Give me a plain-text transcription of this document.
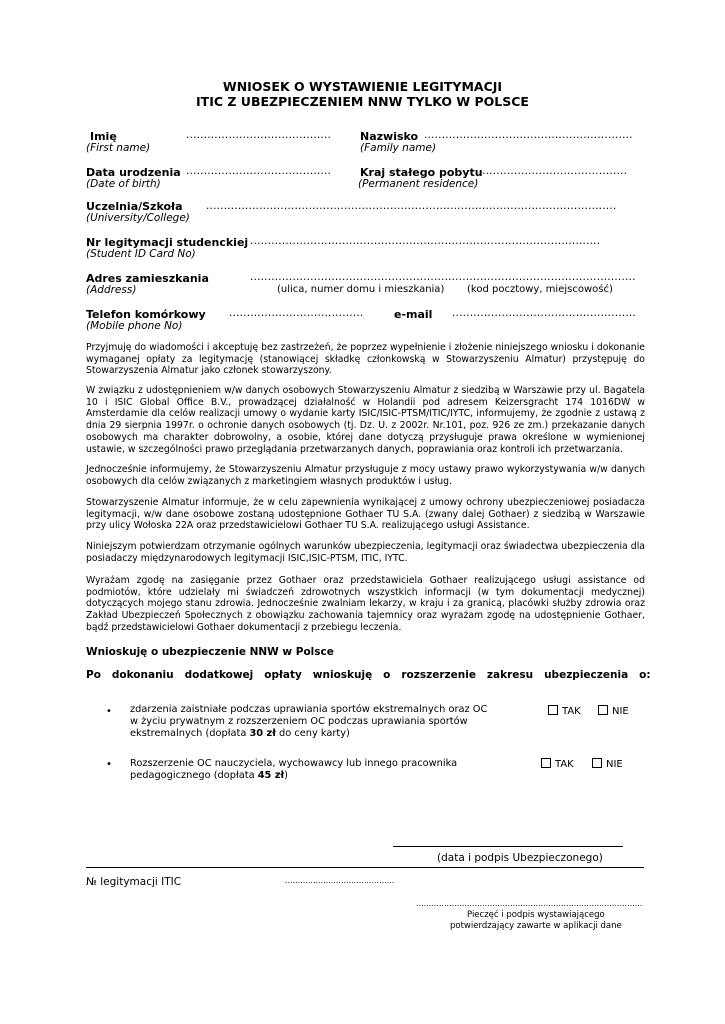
WNIOSEK O WYSTAWIENIE LEGITYMACJI
ITIC Z UBEZPIECZENIEM NNW TYLKO W POLSCE
Imię	.........................................
(First name)
Nazwisko ...........................................................
(Family name)
Data urodzenia .........................................
(Date of birth)
Kraj stałego pobytu
...........................................
(Permanent residence)
Uczelnia/Szkoła ....................................................................................................................
(University/College)
Nr legitymacji studenckiej ...................................................................................................
(Student ID Card No)
Adres zamieszkania	.............................................................................................................
(Address)	(ulica, numer domu i mieszkania) (kod pocztowy, miejscowość)
Telefon komórkowy ......................................
(Mobile phone No)
e-mail ....................................................
Przyjmuję do wiadomości i akceptuję bez zastrzeżeń, że poprzez wypełnienie i złożenie niniejszego wniosku i dokonanie wymaganej opłaty za legitymację (stanowiącej składkę członkowską w Stowarzyszeniu Almatur) przystępuję do Stowarzyszenia Almatur jako członek stowarzyszony.
W związku z udostępnieniem w/w danych osobowych Stowarzyszeniu Almatur z siedzibą w Warszawie przy ul. Bagatela 10 i ISIC Global Office B.V., prowadzącej działalność w Holandii pod adresem Keizersgracht 174 1016DW w Amsterdamie dla celów realizacji umowy o wydanie karty ISIC/ISIC-PTSM/ITIC/IYTC, informujemy, że zgodnie z ustawą z dnia 29 sierpnia 1997r. o ochronie danych osobowych (tj. Dz. U. z 2002r. Nr.101, poz. 926 ze zm.) przekazanie danych osobowych ma charakter dobrowolny, a osobie, której dane dotyczą przysługuje prawa określone w wymienionej ustawie, w szczególności prawo przeglądania przetwarzanych danych, poprawiania oraz kontroli ich przetwarzania.
Jednocześnie informujemy, że Stowarzyszeniu Almatur przysługuje z mocy ustawy prawo wykorzystywania w/w danych osobowych dla celów związanych z marketingiem własnych produktów i usług.
Stowarzyszenie Almatur informuje, że w celu zapewnienia wynikającej z umowy ochrony ubezpieczeniowej posiadacza legitymacji, w/w dane osobowe zostaną udostępnione Gothaer TU S.A. (zwany dalej Gothaer) z siedzibą w Warszawie przy ulicy Wołoska 22A oraz przedstawicielowi Gothaer TU S.A. realizującego usługi Assistance.
Niniejszym potwierdzam otrzymanie ogólnych warunków ubezpieczenia, legitymacji oraz świadectwa ubezpieczenia dla posiadaczy międzynarodowych legitymacji ISIC,ISIC-PTSM, ITIC, IYTC.
Wyrażam zgodę na zasięganie przez Gothaer oraz przedstawiciela Gothaer realizującego usługi assistance od podmiotów, które udzielały mi świadczeń zdrowotnych wszystkich informacji (w tym dokumentacji medycznej) dotyczących mojego stanu zdrowia. Jednocześnie zwalniam lekarzy, w kraju i za granicą, placówki służby zdrowia oraz Zakład Ubezpieczeń Społecznych z obowiązku zachowania tajemnicy oraz wyrażam zgodę na udostępnienie Gothaer, bądź przedstawicielowi Gothaer dokumentacji z przebiegu leczenia.
Wnioskuję o ubezpieczenie NNW w Polsce
Po   dokonaniu   dodatkowej   opłaty   wnioskuję   o   rozszerzenie   zakresu   ubezpieczenia   o:
• zdarzenia zaistniałe podczas uprawiania sportów ekstremalnych oraz OC
w życiu prywatnym z rozszerzeniem OC podczas uprawiania sportów
ekstremalnych (dopłata 30 zł do ceny karty)
TAK	NIE
• Rozszerzenie OC nauczyciela, wychowawcy lub innego pracownika
pedagogicznego (dopłata 45 zł)
TAK	NIE
(data i podpis Ubezpieczonego)
№ legitymacji ITIC	...........................................
.........................................................................................
Pieczęć i podpis wystawiającego
potwierdzający zawarte w aplikacji dane
